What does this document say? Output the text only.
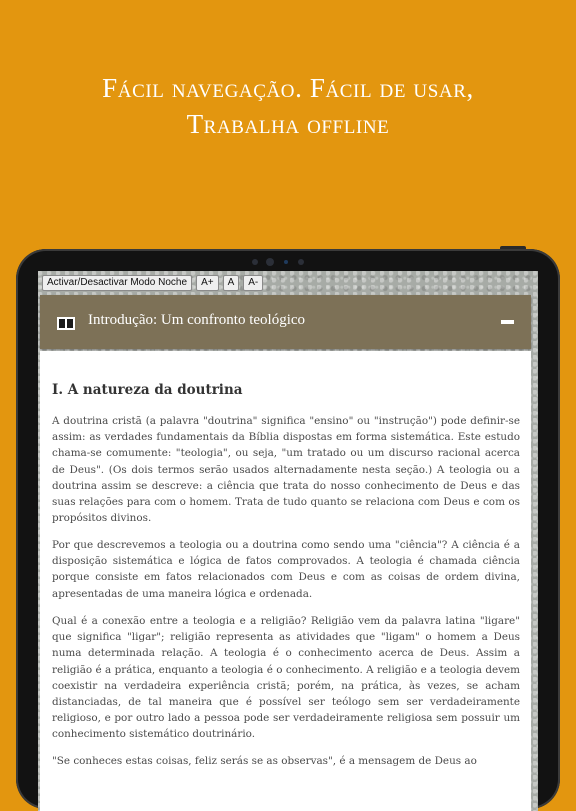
Fácil navegação. Fácil de usar,
Trabalha offline
Activar/Desactivar Modo Noche	A+	A	A-
Introdução: Um confronto teológico
I. A natureza da doutrina

A doutrina cristã (a palavra "doutrina" significa "ensino" ou "instrução") pode definir-se assim: as verdades fundamentais da Bíblia dispostas em forma sistemática. Este estudo chama-se comumente: "teologia", ou seja, "um tratado ou um discurso racional acerca de Deus". (Os dois termos serão usados alternadamente nesta seção.) A teologia ou a doutrina assim se descreve: a ciência que trata do nosso conhecimento de Deus e das suas relações para com o homem. Trata de tudo quanto se relaciona com Deus e com os propósitos divinos.

Por que descrevemos a teologia ou a doutrina como sendo uma "ciência"? A ciência é a disposição sistemática e lógica de fatos comprovados. A teologia é chamada ciência porque consiste em fatos relacionados com Deus e com as coisas de ordem divina, apresentadas de uma maneira lógica e ordenada.

Qual é a conexão entre a teologia e a religião? Religião vem da palavra latina "ligare" que significa "ligar"; religião representa as atividades que "ligam" o homem a Deus numa determinada relação. A teologia é o conhecimento acerca de Deus. Assim a religião é a prática, enquanto a teologia é o conhecimento. A religião e a teologia devem coexistir na verdadeira experiência cristã; porém, na prática, às vezes, se acham distanciadas, de tal maneira que é possível ser teólogo sem ser verdadeiramente religioso, e por outro lado a pessoa pode ser verdadeiramente religiosa sem possuir um conhecimento sistemático doutrinário.

"Se conheces estas coisas, feliz serás se as observas", é a mensagem de Deus ao
